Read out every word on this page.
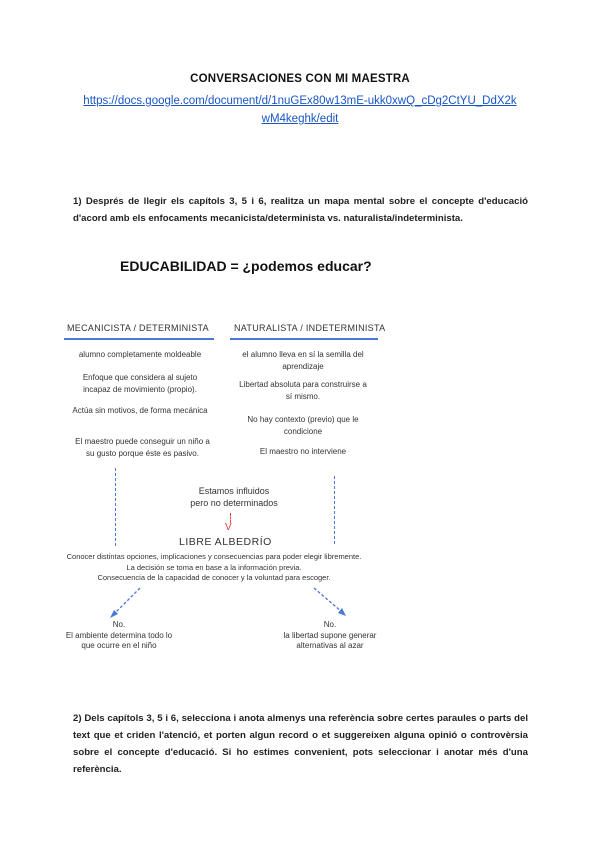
CONVERSACIONES CON MI MAESTRA
https://docs.google.com/document/d/1nuGEx80w13mE-ukk0xwQ_cDg2CtYU_DdX2k
wM4keghk/edit
1) Després de llegir els capítols 3, 5 i 6, realitza un mapa mental sobre el concepte d'educació d'acord amb els enfocaments mecanicista/determinista vs. naturalista/indeterminista.
EDUCABILIDAD = ¿podemos educar?
MECANICISTA / DETERMINISTA	NATURALISTA / INDETERMINISTA
alumno completamente moldeable
Enfoque que considera al sujeto incapaz de movimiento (propio).
Actúa sin motivos, de forma mecánica
El maestro puede conseguir un niño a su gusto porque éste es pasivo.
el alumno lleva en sí la semilla del aprendizaje
Libertad absoluta para construirse a sí mismo.
No hay contexto (previo) que le condicione
El maestro no interviene
Estamos influidos
pero no determinados
V
LIBRE ALBEDRÍO
Conocer distintas opciones, implicaciones y consecuencias para poder elegir libremente.
La decisión se toma en base a la información previa.
Consecuencia de la capacidad de conocer y la voluntad para escoger.
No.
El ambiente determina todo lo que ocurre en el niño
No.
la libertad supone generar alternativas al azar
2) Dels capítols 3, 5 i 6, selecciona i anota almenys una referència sobre certes paraules o parts del text que et criden l'atenció, et porten algun record o et suggereixen alguna opinió o controvèrsia sobre el concepte d'educació. Si ho estimes convenient, pots seleccionar i anotar més d'una referència.
